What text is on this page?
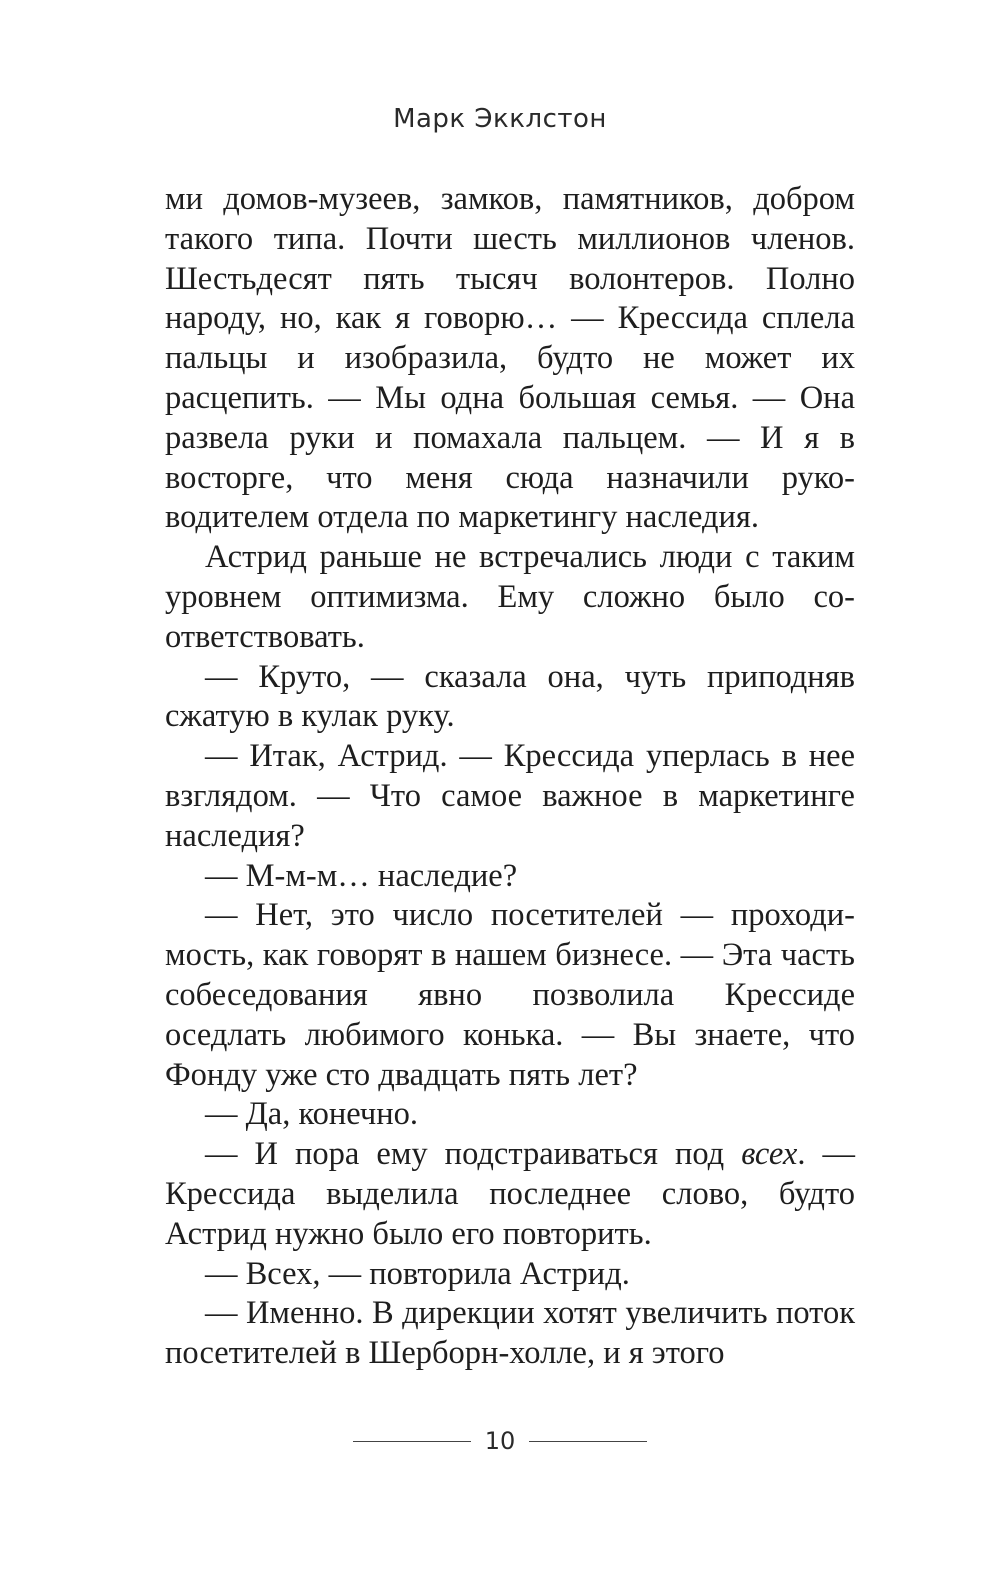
Марк Экклстон

ми домов-музеев, замков, памятников, добром такого типа. Почти шесть миллионов членов. Шестьдесят пять тысяч волонтеров. Полно народу, но, как я говорю… — Крессида сплела пальцы и изобразила, будто не может их расцепить. — Мы одна большая семья. — Она развела руки и помахала пальцем. — И я в восторге, что меня сюда назначили руководителем отдела по маркетингу наследия.

Астрид раньше не встречались люди с таким уровнем оптимизма. Ему сложно было соответствовать.

— Круто, — сказала она, чуть приподняв сжатую в кулак руку.

— Итак, Астрид. — Крессида уперлась в нее взглядом. — Что самое важное в маркетинге наследия?

— М-м-м… наследие?

— Нет, это число посетителей — проходимость, как говорят в нашем бизнесе. — Эта часть собеседования явно позволила Крессиде оседлать любимого конька. — Вы знаете, что Фонду уже сто двадцать пять лет?

— Да, конечно.

— И пора ему подстраиваться под всех. — Крессида выделила последнее слово, будто Астрид нужно было его повторить.

— Всех, — повторила Астрид.

— Именно. В дирекции хотят увеличить поток посетителей в Шерборн-холле, и я этого

10
